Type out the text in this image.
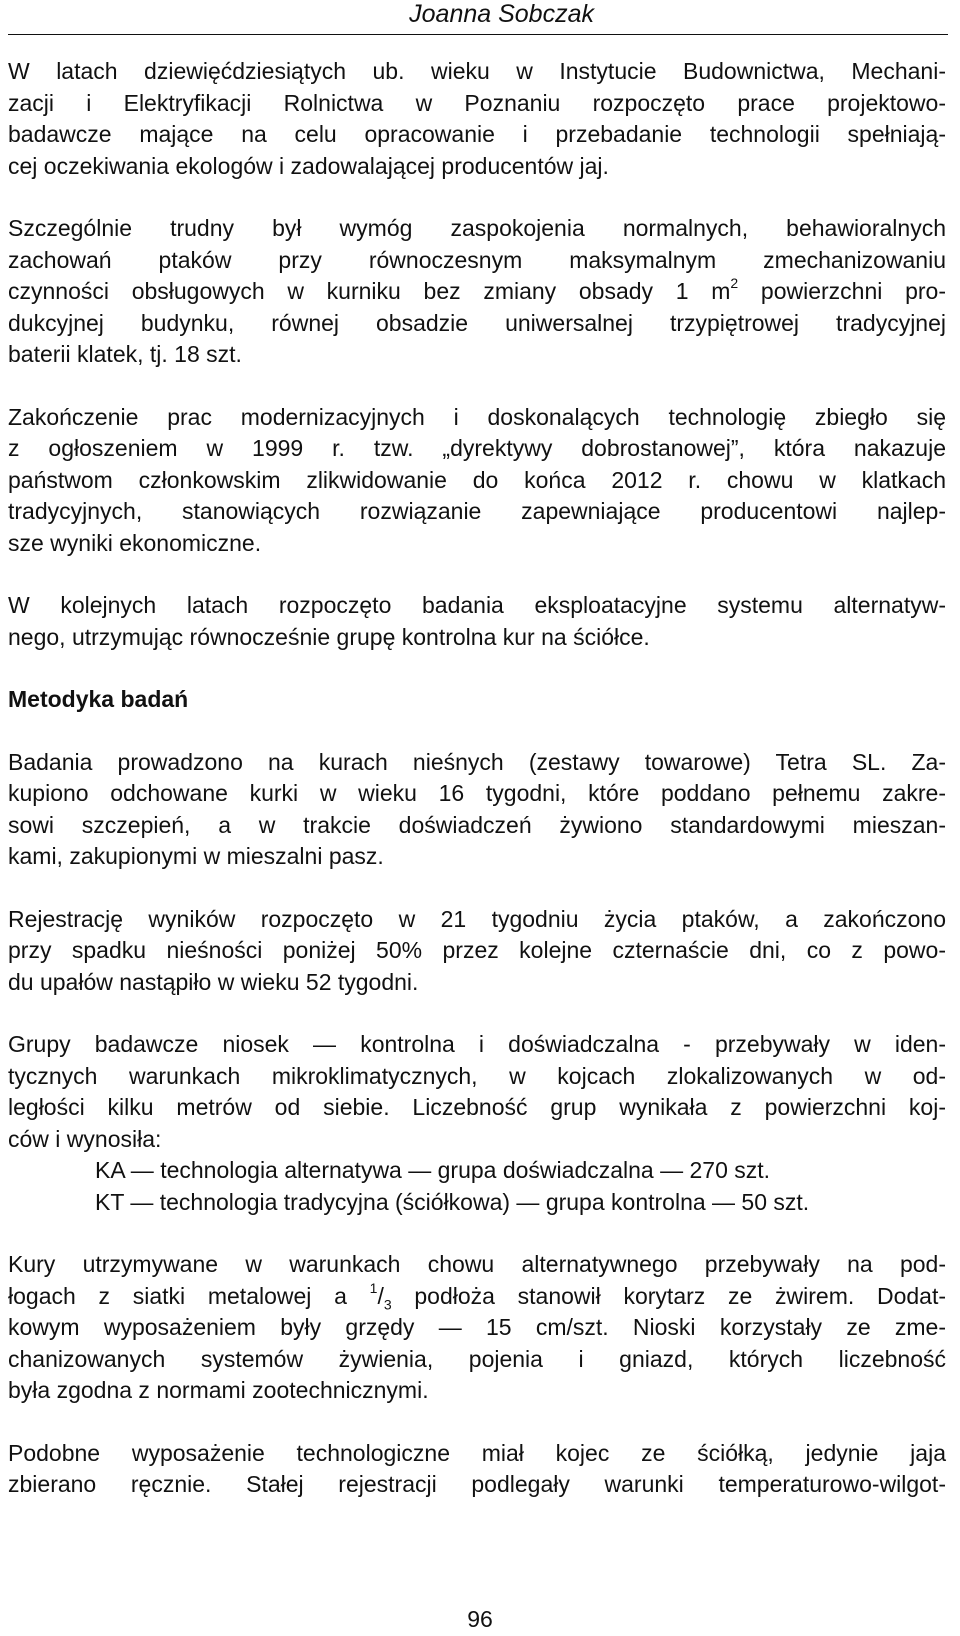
Joanna Sobczak
W latach dziewięćdziesiątych ub. wieku w Instytucie Budownictwa, Mechani-
zacji i Elektryfikacji Rolnictwa w Poznaniu rozpoczęto prace projektowo-
badawcze mające na celu opracowanie i przebadanie technologii spełniają-
cej oczekiwania ekologów i zadowalającej producentów jaj.
Szczególnie trudny był wymóg zaspokojenia normalnych, behawioralnych
zachowań ptaków przy równoczesnym maksymalnym zmechanizowaniu
czynności obsługowych w kurniku bez zmiany obsady 1 $m^2$ powierzchni pro-
dukcyjnej budynku, równej obsadzie uniwersalnej trzypiętrowej tradycyjnej
baterii klatek, tj. 18 szt.
Zakończenie prac modernizacyjnych i doskonalących technologię zbiegło się
z ogłoszeniem w 1999 r. tzw. „dyrektywy dobrostanowej”, która nakazuje
państwom członkowskim zlikwidowanie do końca 2012 r. chowu w klatkach
tradycyjnych, stanowiących rozwiązanie zapewniające producentowi najlep-
sze wyniki ekonomiczne.
W kolejnych latach rozpoczęto badania eksploatacyjne systemu alternatyw-
nego, utrzymując równocześnie grupę kontrolna kur na ściółce.
Metodyka badań
Badania prowadzono na kurach nieśnych (zestawy towarowe) Tetra SL. Za-
kupiono odchowane kurki w wieku 16 tygodni, które poddano pełnemu zakre-
sowi szczepień, a w trakcie doświadczeń żywiono standardowymi mieszan-
kami, zakupionymi w mieszalni pasz.
Rejestrację wyników rozpoczęto w 21 tygodniu życia ptaków, a zakończono
przy spadku nieśności poniżej 50% przez kolejne czternaście dni, co z powo-
du upałów nastąpiło w wieku 52 tygodni.
Grupy badawcze niosek — kontrolna i doświadczalna - przebywały w iden-
tycznych warunkach mikroklimatycznych, w kojcach zlokalizowanych w od-
ległości kilku metrów od siebie. Liczebność grup wynikała z powierzchni koj-
ców i wynosiła:
KA — technologia alternatywa — grupa doświadczalna — 270 szt.
KT — technologia tradycyjna (ściółkowa) — grupa kontrolna — 50 szt.
Kury utrzymywane w warunkach chowu alternatywnego przebywały na pod-
łogach z siatki metalowej a $^1/_3$ podłoża stanowił korytarz ze żwirem. Dodat-
kowym wyposażeniem były grzędy — 15 cm/szt. Nioski korzystały ze zme-
chanizowanych systemów żywienia, pojenia i gniazd, których liczebność
była zgodna z normami zootechnicznymi.
Podobne wyposażenie technologiczne miał kojec ze ściółką, jedynie jaja
zbierano ręcznie. Stałej rejestracji podlegały warunki temperaturowo-wilgot-
96
